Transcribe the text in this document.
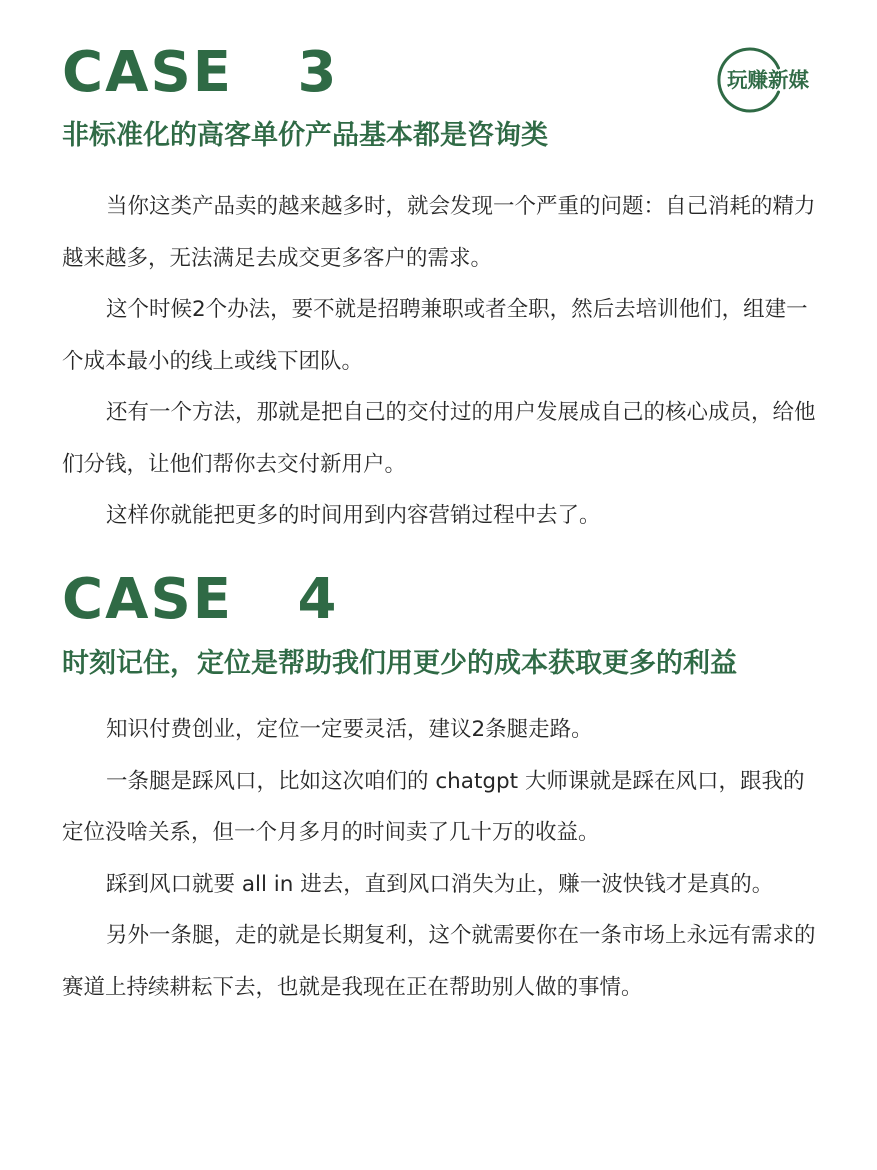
玩赚新媒
CASE   3
非标准化的高客单价产品基本都是咨询类

当你这类产品卖的越来越多时，就会发现一个严重的问题：自己消耗的精力越来越多，无法满足去成交更多客户的需求。

这个时候2个办法，要不就是招聘兼职或者全职，然后去培训他们，组建一个成本最小的线上或线下团队。

还有一个方法，那就是把自己的交付过的用户发展成自己的核心成员，给他们分钱，让他们帮你去交付新用户。

这样你就能把更多的时间用到内容营销过程中去了。

CASE   4
时刻记住，定位是帮助我们用更少的成本获取更多的利益

知识付费创业，定位一定要灵活，建议2条腿走路。

一条腿是踩风口，比如这次咱们的 chatgpt 大师课就是踩在风口，跟我的定位没啥关系，但一个月多月的时间卖了几十万的收益。

踩到风口就要 all in 进去，直到风口消失为止，赚一波快钱才是真的。

另外一条腿，走的就是长期复利，这个就需要你在一条市场上永远有需求的赛道上持续耕耘下去，也就是我现在正在帮助别人做的事情。
